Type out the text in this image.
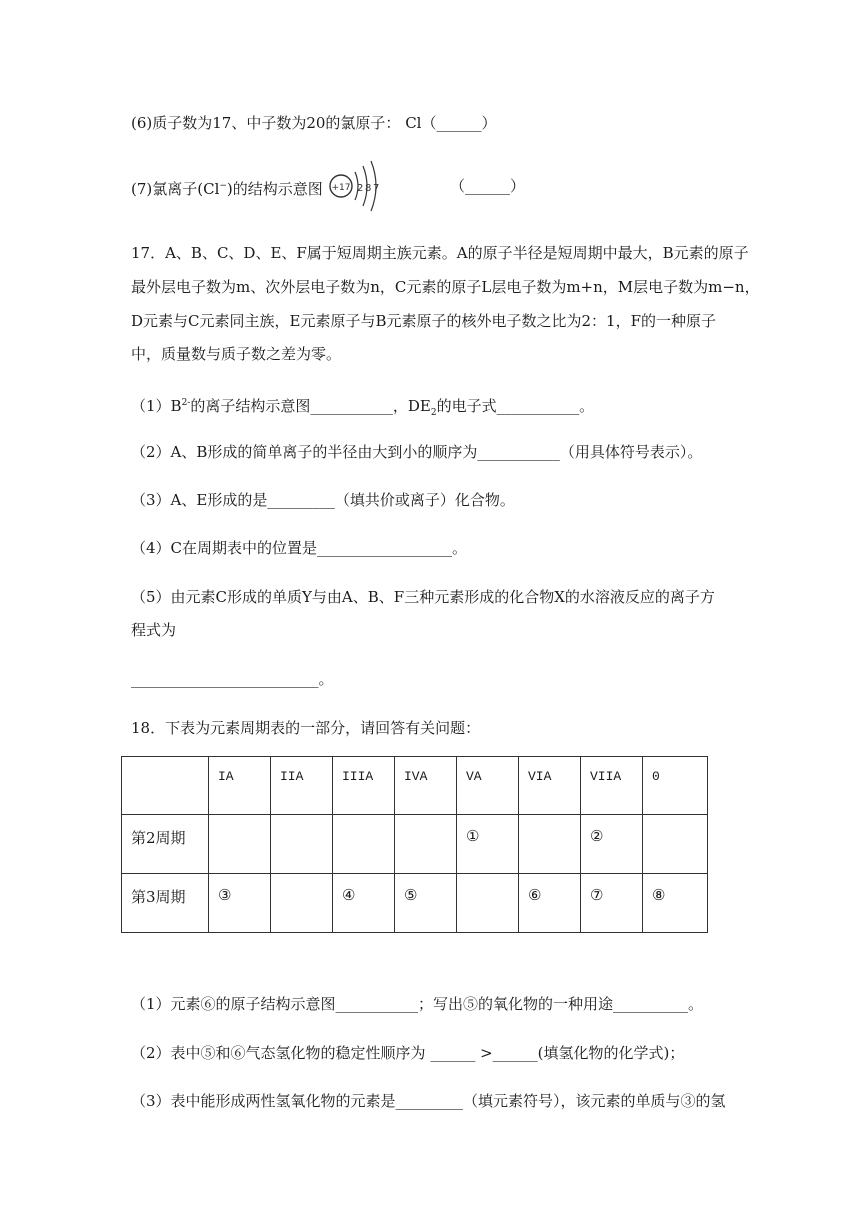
(6)质子数为17、中子数为20的氯原子： Cl（______）
(7)氯离子(Cl−)的结构示意图 +17 2 8 7	（______）
17．A、B、C、D、E、F属于短周期主族元素。A的原子半径是短周期中最大，B元素的原子
最外层电子数为m、次外层电子数为n，C元素的原子L层电子数为m+n，M层电子数为m−n，
D元素与C元素同主族，E元素原子与B元素原子的核外电子数之比为2：1，F的一种原子
中，质量数与质子数之差为零。
$(1)B^{2-}$的离子结构示意图___________，$DE_2$的电子式___________。
（2）A、B形成的简单离子的半径由大到小的顺序为___________（用具体符号表示）。
（3）A、E形成的是_________（填共价或离子）化合物。
（4）C在周期表中的位置是__________________。
（5）由元素C形成的单质Y与由A、B、F三种元素形成的化合物X的水溶液反应的离子方
程式为
_________________________。
18．下表为元素周期表的一部分，请回答有关问题：
	IA	IIA	IIIA	IVA	VA	VIA	VIIA	0
第2周期					①		②	
第3周期	③		④	⑤		⑥	⑦	⑧
（1）元素⑥的原子结构示意图___________；写出⑤的氧化物的一种用途__________。
（2）表中⑤和⑥气态氢化物的稳定性顺序为 ______ >______(填氢化物的化学式)；
（3）表中能形成两性氢氧化物的元素是_________（填元素符号），该元素的单质与③的氢
